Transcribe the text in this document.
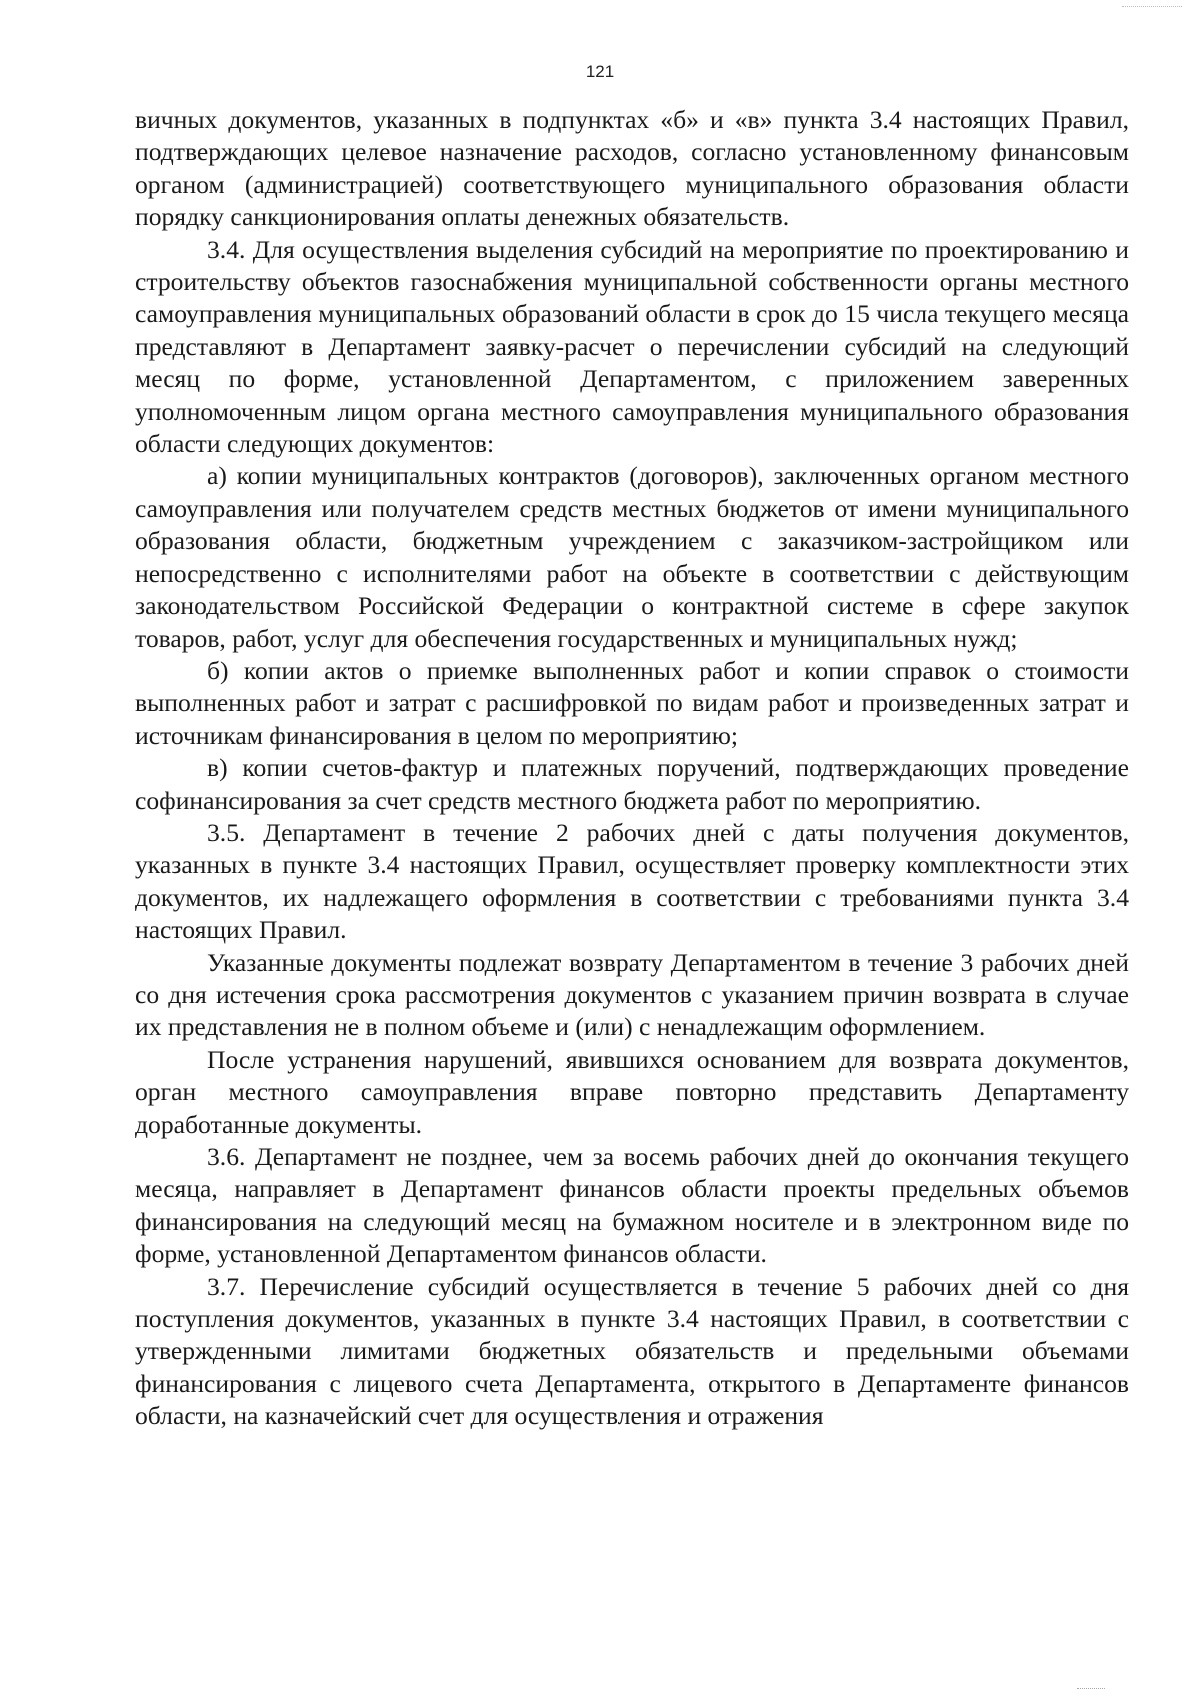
121

вичных документов, указанных в подпунктах «б» и «в» пункта 3.4 настоящих Правил, подтверждающих целевое назначение расходов, согласно установленному финансовым органом (администрацией) соответствующего муниципального образования области порядку санкционирования оплаты денежных обязательств.

3.4. Для осуществления выделения субсидий на мероприятие по проектированию и строительству объектов газоснабжения муниципальной собственности органы местного самоуправления муниципальных образований области в срок до 15 числа текущего месяца представляют в Департамент заявку-расчет о перечислении субсидий на следующий месяц по форме, установленной Департаментом, с приложением заверенных уполномоченным лицом органа местного самоуправления муниципального образования области следующих документов:

а) копии муниципальных контрактов (договоров), заключенных органом местного самоуправления или получателем средств местных бюджетов от имени муниципального образования области, бюджетным учреждением с заказчиком-застройщиком или непосредственно с исполнителями работ на объекте в соответствии с действующим законодательством Российской Федерации о контрактной системе в сфере закупок товаров, работ, услуг для обеспечения государственных и муниципальных нужд;

б) копии актов о приемке выполненных работ и копии справок о стоимости выполненных работ и затрат с расшифровкой по видам работ и произведенных затрат и источникам финансирования в целом по мероприятию;

в) копии счетов-фактур и платежных поручений, подтверждающих проведение софинансирования за счет средств местного бюджета работ по мероприятию.

3.5. Департамент в течение 2 рабочих дней с даты получения документов, указанных в пункте 3.4 настоящих Правил, осуществляет проверку комплектности этих документов, их надлежащего оформления в соответствии с требованиями пункта 3.4 настоящих Правил.

Указанные документы подлежат возврату Департаментом в течение 3 рабочих дней со дня истечения срока рассмотрения документов с указанием причин возврата в случае их представления не в полном объеме и (или) с ненадлежащим оформлением.

После устранения нарушений, явившихся основанием для возврата документов, орган местного самоуправления вправе повторно представить Департаменту доработанные документы.

3.6. Департамент не позднее, чем за восемь рабочих дней до окончания текущего месяца, направляет в Департамент финансов области проекты предельных объемов финансирования на следующий месяц на бумажном носителе и в электронном виде по форме, установленной Департаментом финансов области.

3.7. Перечисление субсидий осуществляется в течение 5 рабочих дней со дня поступления документов, указанных в пункте 3.4 настоящих Правил, в соответствии с утвержденными лимитами бюджетных обязательств и предельными объемами финансирования с лицевого счета Департамента, открытого в Департаменте финансов области, на казначейский счет для осуществления и отражения
